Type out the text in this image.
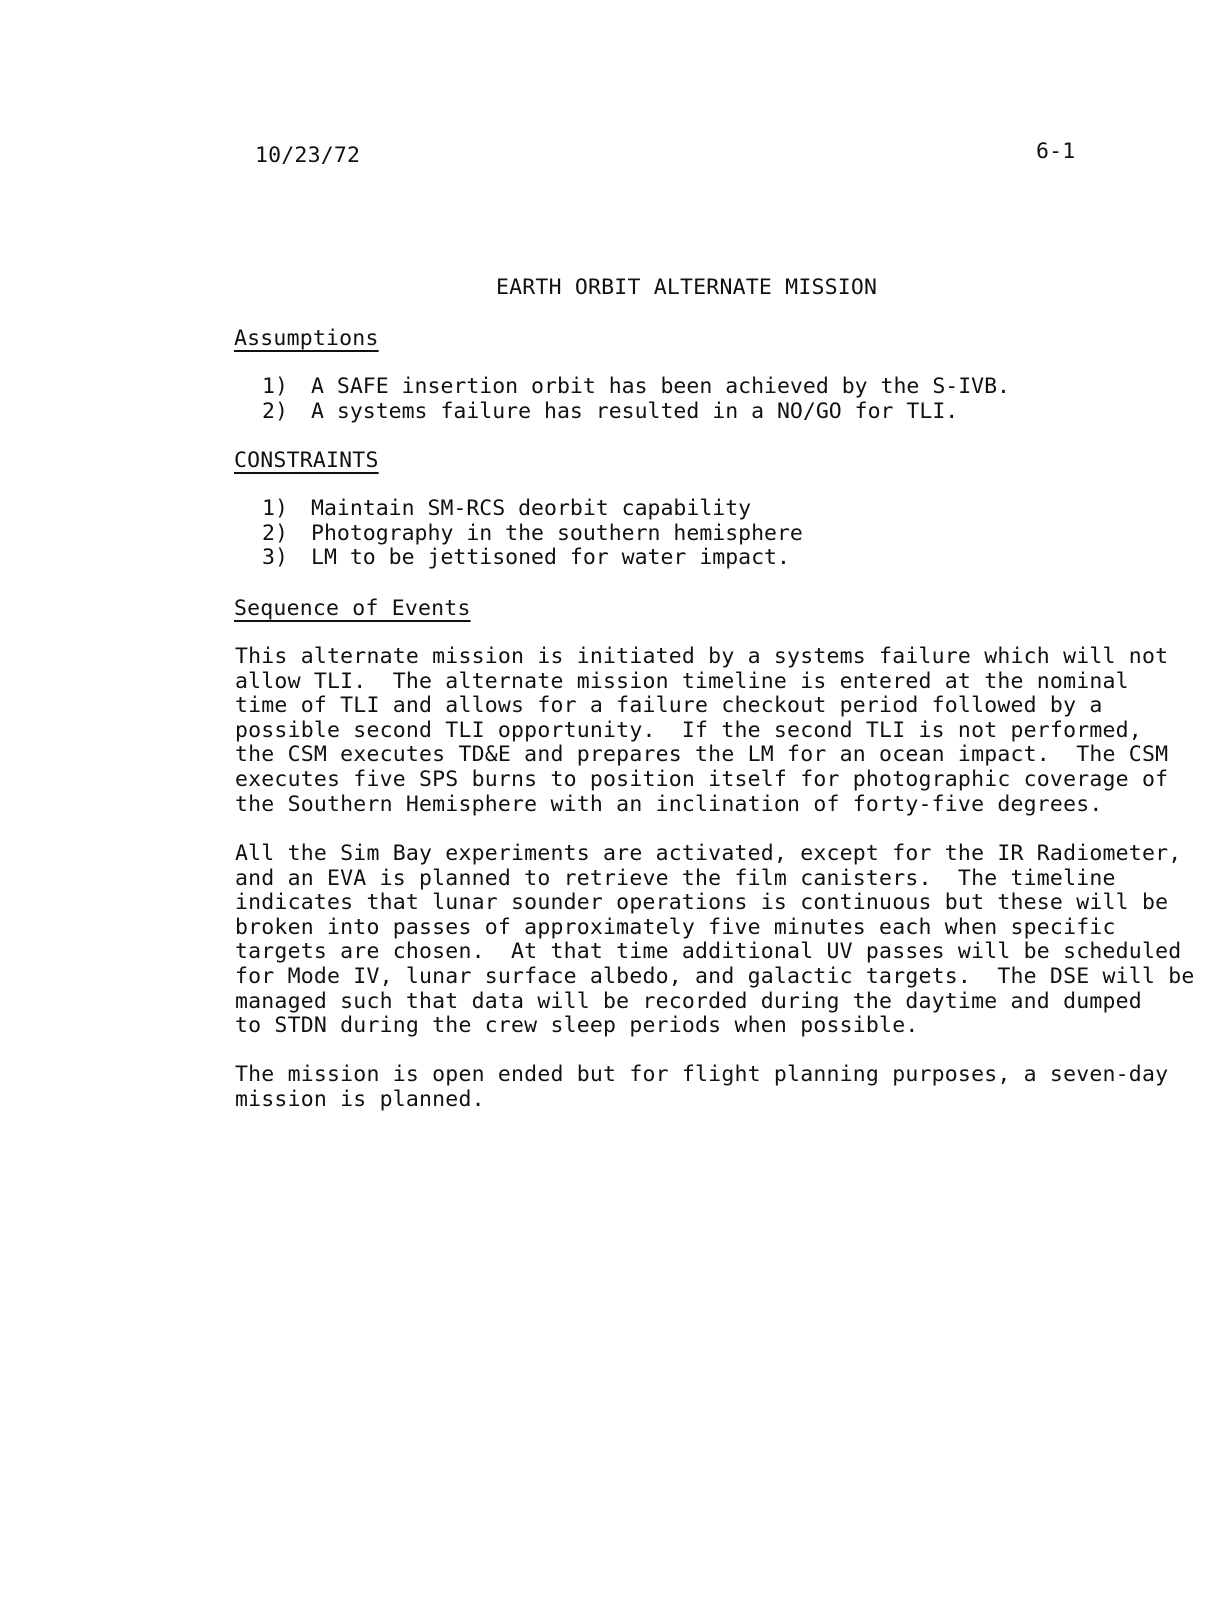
10/23/72	6-1
EARTH ORBIT ALTERNATE MISSION
Assumptions
1)	A SAFE insertion orbit has been achieved by the S-IVB.
2)	A systems failure has resulted in a NO/GO for TLI.
CONSTRAINTS
1)	Maintain SM-RCS deorbit capability
2)	Photography in the southern hemisphere
3)	LM to be jettisoned for water impact.
Sequence of Events
This alternate mission is initiated by a systems failure which will not
allow TLI.  The alternate mission timeline is entered at the nominal
time of TLI and allows for a failure checkout period followed by a
possible second TLI opportunity.  If the second TLI is not performed,
the CSM executes TD&E and prepares the LM for an ocean impact.  The CSM
executes five SPS burns to position itself for photographic coverage of
the Southern Hemisphere with an inclination of forty-five degrees.
All the Sim Bay experiments are activated, except for the IR Radiometer,
and an EVA is planned to retrieve the film canisters.  The timeline
indicates that lunar sounder operations is continuous but these will be
broken into passes of approximately five minutes each when specific
targets are chosen.  At that time additional UV passes will be scheduled
for Mode IV, lunar surface albedo, and galactic targets.  The DSE will be
managed such that data will be recorded during the daytime and dumped
to STDN during the crew sleep periods when possible.
The mission is open ended but for flight planning purposes, a seven-day
mission is planned.
